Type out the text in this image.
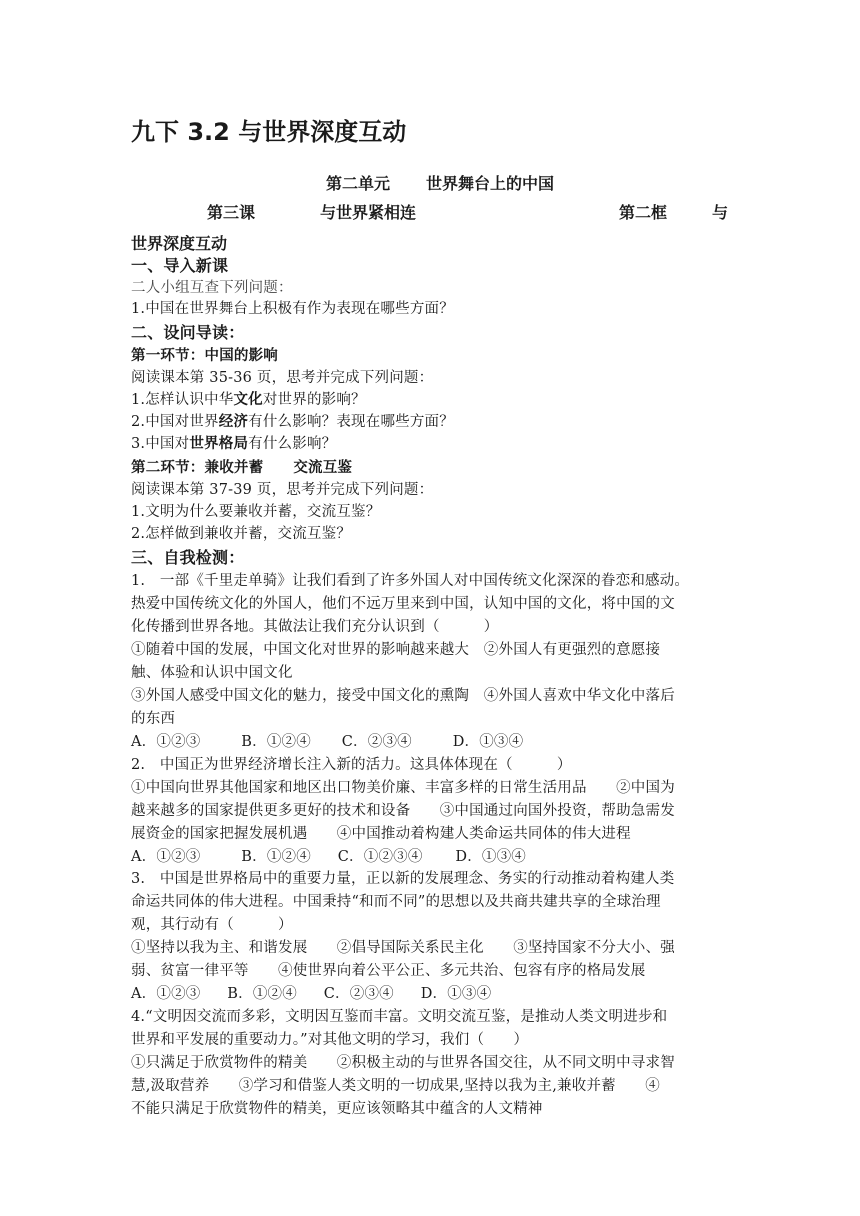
九下 3.2 与世界深度互动
第二单元 世界舞台上的中国
第三课	与世界紧相连	第二框	与
世界深度互动
一、导入新课
二人小组互查下列问题：
1.中国在世界舞台上积极有作为表现在哪些方面？
二、设问导读：
第一环节：中国的影响
阅读课本第 35-36 页，思考并完成下列问题：
1.怎样认识中华文化对世界的影响？
2.中国对世界经济有什么影响？表现在哪些方面？
3.中国对世界格局有什么影响？
第二环节：兼收并蓄 交流互鉴
阅读课本第 37-39 页，思考并完成下列问题：
1.文明为什么要兼收并蓄，交流互鉴？
2.怎样做到兼收并蓄，交流互鉴？
三、自我检测：
1.　一部《千里走单骑》让我们看到了许多外国人对中国传统文化深深的眷恋和感动。
热爱中国传统文化的外国人，他们不远万里来到中国，认知中国的文化，将中国的文
化传播到世界各地。其做法让我们充分认识到（　　　）
①随着中国的发展，中国文化对世界的影响越来越大　②外国人有更强烈的意愿接
触、体验和认识中国文化
③外国人感受中国文化的魅力，接受中国文化的熏陶　④外国人喜欢中华文化中落后
的东西
A．①②③	B．①②④ C．②③④	D．①③④
2.　中国正为世界经济增长注入新的活力。这具体体现在（　　　）
①中国向世界其他国家和地区出口物美价廉、丰富多样的日常生活用品　　②中国为
越来越多的国家提供更多更好的技术和设备　　③中国通过向国外投资，帮助急需发
展资金的国家把握发展机遇　　④中国推动着构建人类命运共同体的伟大进程
A．①②③	B．①②④ C．①②③④ D．①③④
3.　中国是世界格局中的重要力量，正以新的发展理念、务实的行动推动着构建人类
命运共同体的伟大进程。中国秉持“和而不同”的思想以及共商共建共享的全球治理
观，其行动有（　　　）
①坚持以我为主、和谐发展　　②倡导国际关系民主化　　③坚持国家不分大小、强
弱、贫富一律平等　　④使世界向着公平公正、多元共治、包容有序的格局发展
A．①②③ B．①②④ C．②③④ D．①③④
4.“文明因交流而多彩，文明因互鉴而丰富。文明交流互鉴，是推动人类文明进步和
世界和平发展的重要动力。”对其他文明的学习，我们（　　）
①只满足于欣赏物件的精美　　②积极主动的与世界各国交往，从不同文明中寻求智
慧,汲取营养　　③学习和借鉴人类文明的一切成果,坚持以我为主,兼收并蓄　　④
不能只满足于欣赏物件的精美，更应该领略其中蕴含的人文精神
